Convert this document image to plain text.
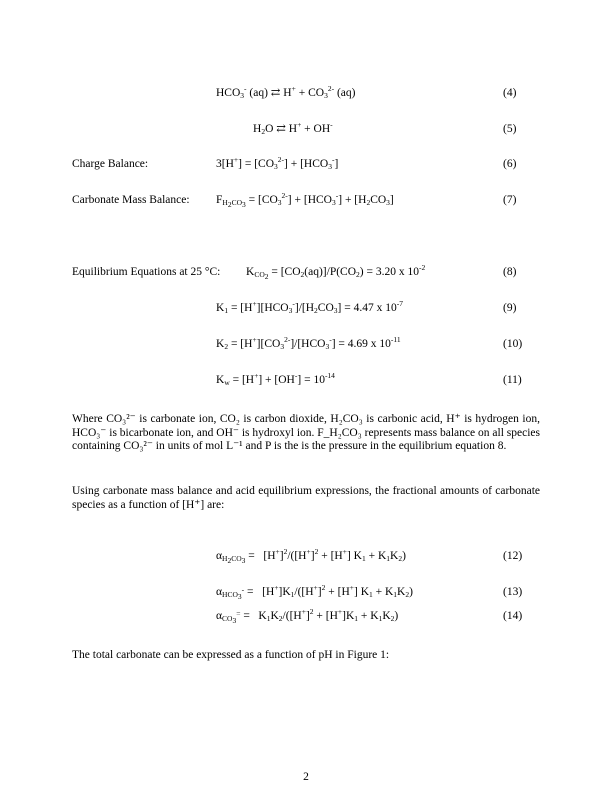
$HCO_3^-$ (aq) ⇄ $H^+ + CO_3^{2-}$ (aq)	(4)
$H_2O$ ⇄ H+ + OH-	(5)
Charge Balance:	$3[H^+] = [CO_3^{2-}] + [HCO_3^-]$	(6)
Carbonate Mass Balance: $F_{H_2CO_3} = [CO_3^{2-}] + [HCO_3^-] + [H_2CO_3]$	(7)
Equilibrium Equations at 25 °C: $K_{CO_2} = [CO_2(aq)]/P(CO_2) = 3.20$ x $10^{-2}$	(8)
$K_1 = [H^+][HCO_3^-]/[H_2CO_3] = 4.47$ x $10^{-7}$	(9)
$K_2 = [H^+][CO_3^{2-}]/[HCO_3^-] = 4.69$ x $10^{-11}$	(10)
$K_w = [H^+] + [OH^-] = 10^{-14}$	(11)
Where CO₃²⁻ is carbonate ion, CO₂ is carbon dioxide, H₂CO₃ is carbonic acid, H⁺ is hydrogen ion, HCO₃⁻ is bicarbonate ion, and OH⁻ is hydroxyl ion. F_H₂CO₃ represents mass balance on all species containing CO₃²⁻ in units of mol L⁻¹ and P is the is the pressure in the equilibrium equation 8.
Using carbonate mass balance and acid equilibrium expressions, the fractional amounts of carbonate species as a function of [H⁺] are:
$\alpha_{H_2CO_3} = [H^+]^2/([H^+]^2 + [H^+] K_1 + K_1K_2)$	(12)
$\alpha_{HCO_3^-} = [H^+]K_1/([H^+]^2 + [H^+] K_1 + K_1K_2)$	(13)
$\alpha_{CO_3^=} = K_1K_2/([H^+]^2 + [H^+]K_1 + K_1K_2)$	(14)
The total carbonate can be expressed as a function of pH in Figure 1:
2
